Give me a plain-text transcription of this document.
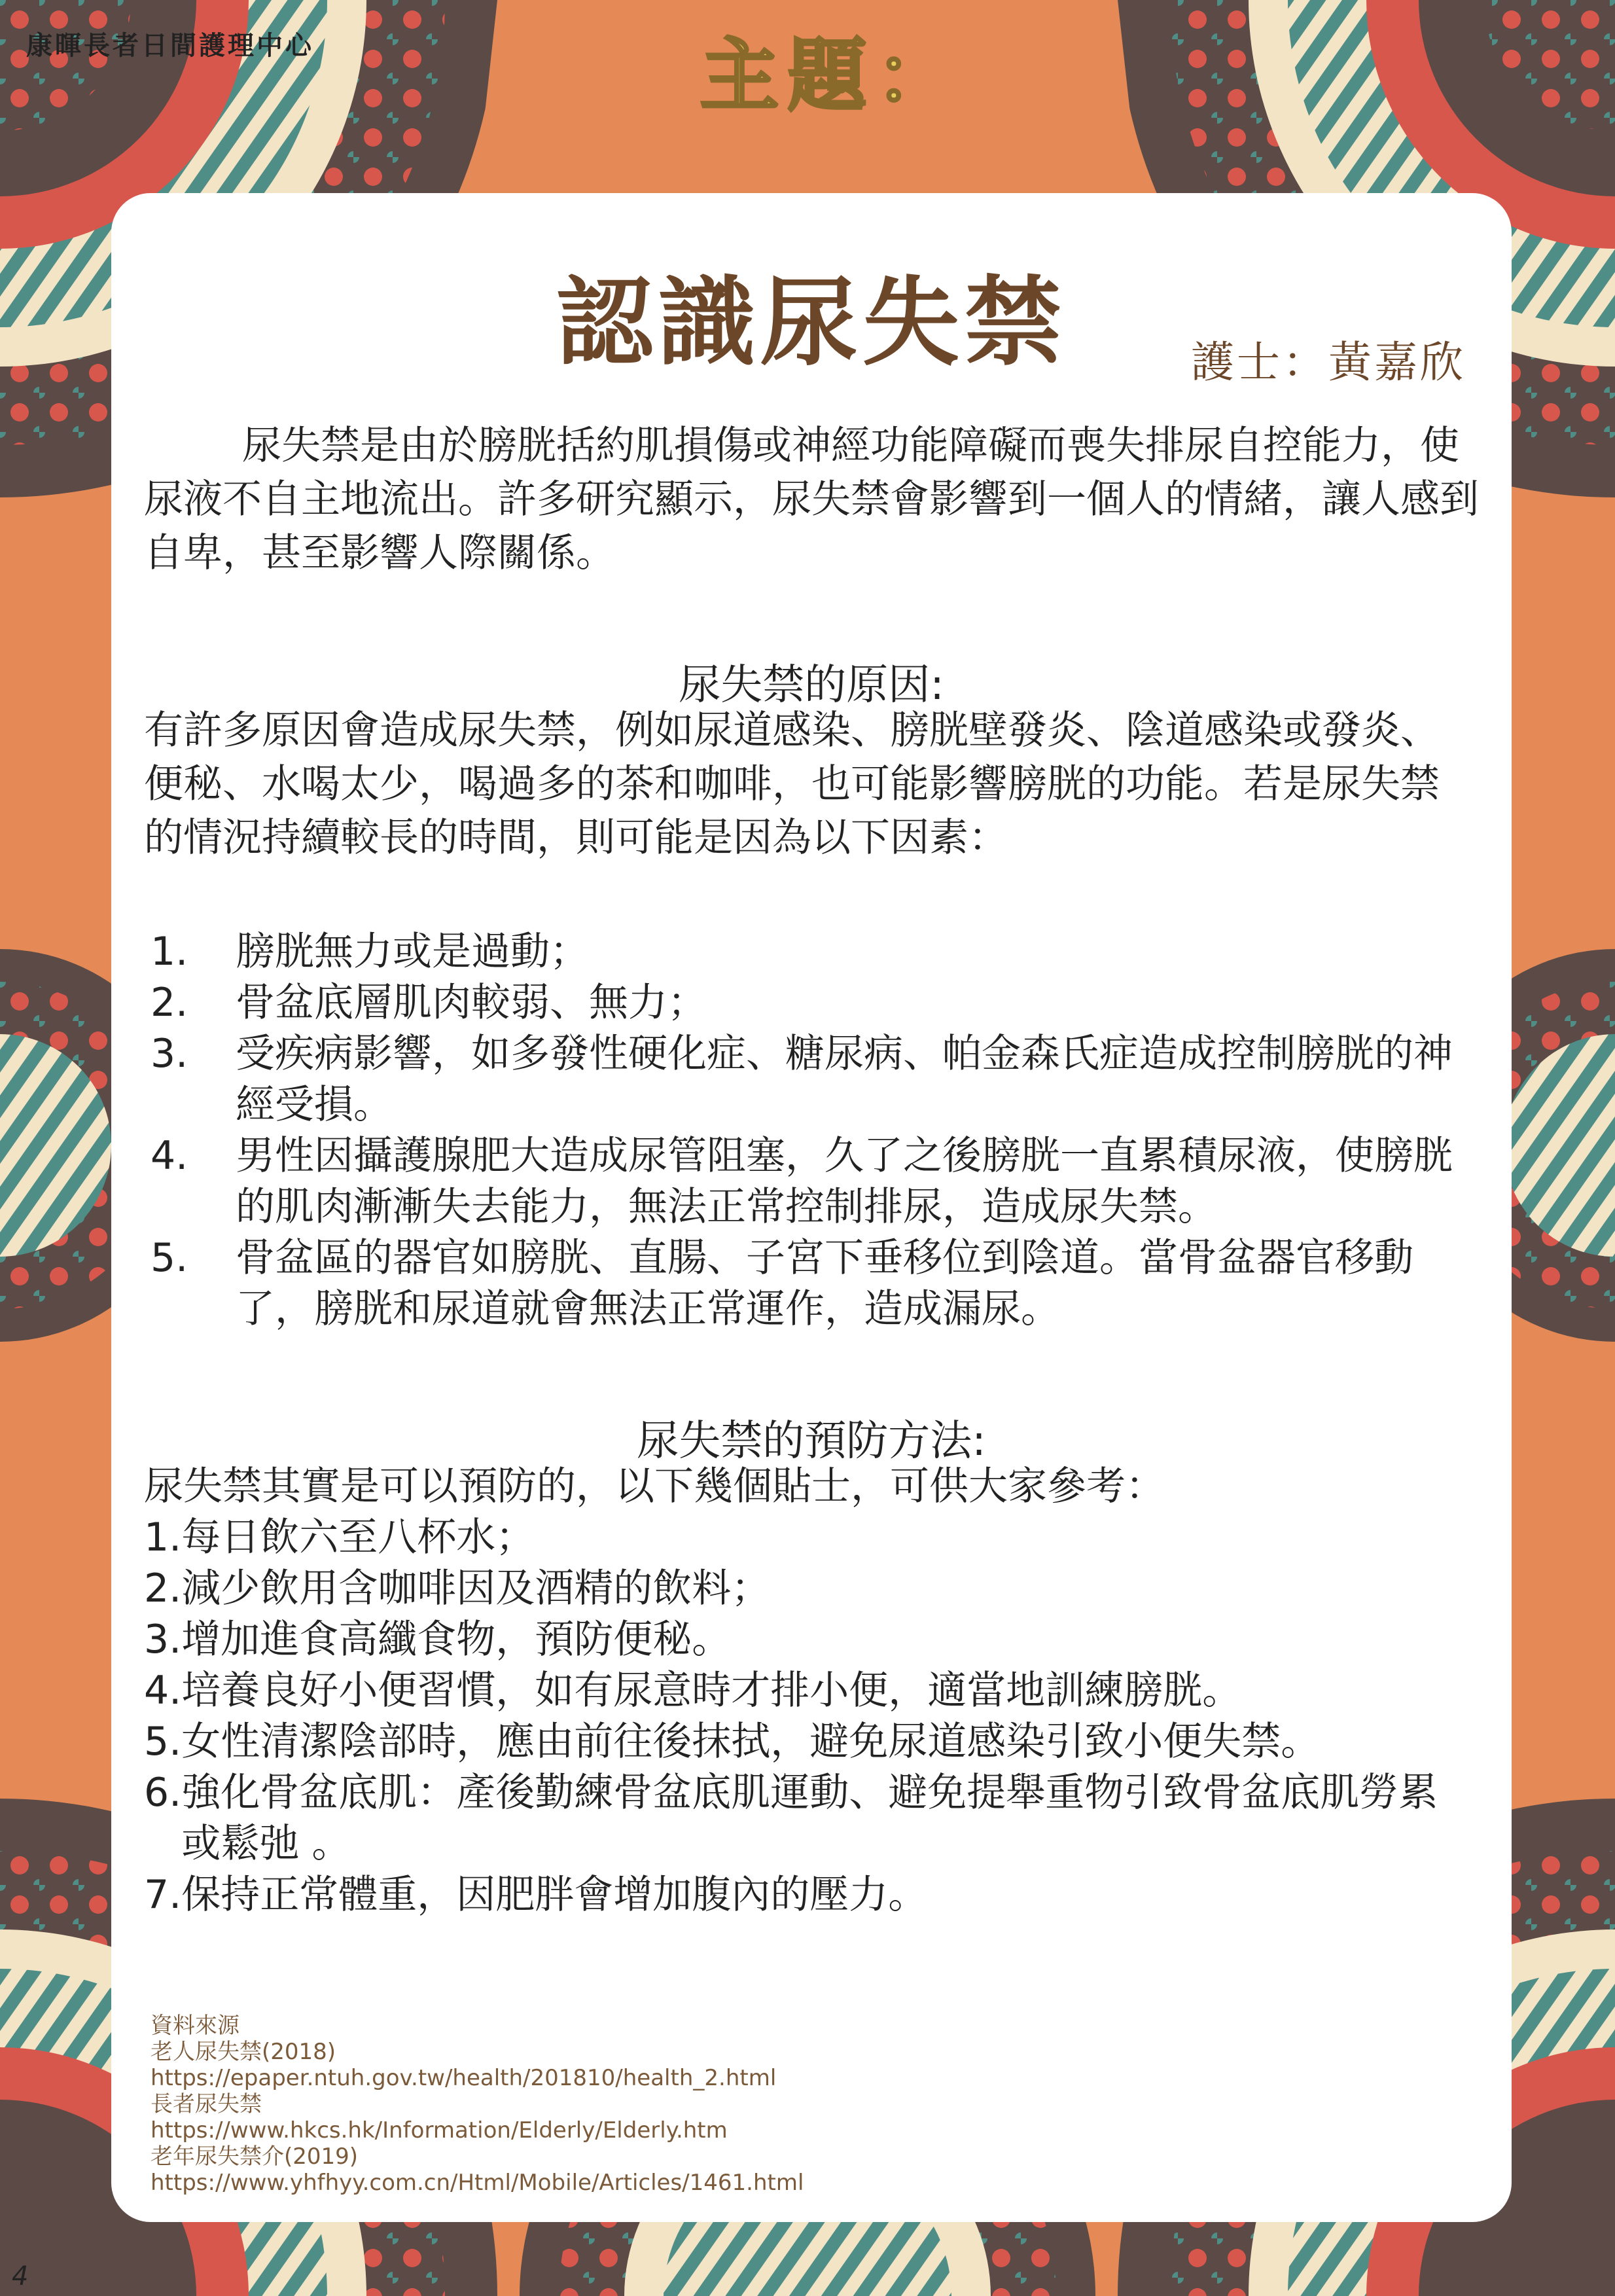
康暉長者日間護理中心	主題：
認識尿失禁	護士：黃嘉欣
尿失禁是由於膀胱括約肌損傷或神經功能障礙而喪失排尿自控能力，使尿液不自主地流出。許多研究顯示，尿失禁會影響到一個人的情緒，讓人感到自卑，甚至影響人際關係。
尿失禁的原因:
有許多原因會造成尿失禁，例如尿道感染、膀胱壁發炎、陰道感染或發炎、便秘、水喝太少，喝過多的茶和咖啡，也可能影響膀胱的功能。若是尿失禁的情況持續較長的時間，則可能是因為以下因素：
1.	膀胱無力或是過動；
2.	骨盆底層肌肉較弱、無力；
3.	受疾病影響，如多發性硬化症、糖尿病、帕金森氏症造成控制膀胱的神經受損。
4.	男性因攝護腺肥大造成尿管阻塞，久了之後膀胱一直累積尿液，使膀胱的肌肉漸漸失去能力，無法正常控制排尿，造成尿失禁。
5.	骨盆區的器官如膀胱、直腸、子宮下垂移位到陰道。當骨盆器官移動了，膀胱和尿道就會無法正常運作，造成漏尿。
尿失禁的預防方法:
尿失禁其實是可以預防的，以下幾個貼士，可供大家參考：
1. 每日飲六至八杯水；
2. 減少飲用含咖啡因及酒精的飲料；
3. 增加進食高纖食物，預防便秘。
4. 培養良好小便習慣，如有尿意時才排小便，適當地訓練膀胱。
5. 女性清潔陰部時，應由前往後抹拭，避免尿道感染引致小便失禁。
6. 強化骨盆底肌：產後勤練骨盆底肌運動、避免提舉重物引致骨盆底肌勞累或鬆弛 。
7. 保持正常體重，因肥胖會增加腹內的壓力。
資料來源
老人尿失禁(2018)
https://epaper.ntuh.gov.tw/health/201810/health_2.html
長者尿失禁
https://www.hkcs.hk/Information/Elderly/Elderly.htm
老年尿失禁介(2019)
https://www.yhfhyy.com.cn/Html/Mobile/Articles/1461.html
4
